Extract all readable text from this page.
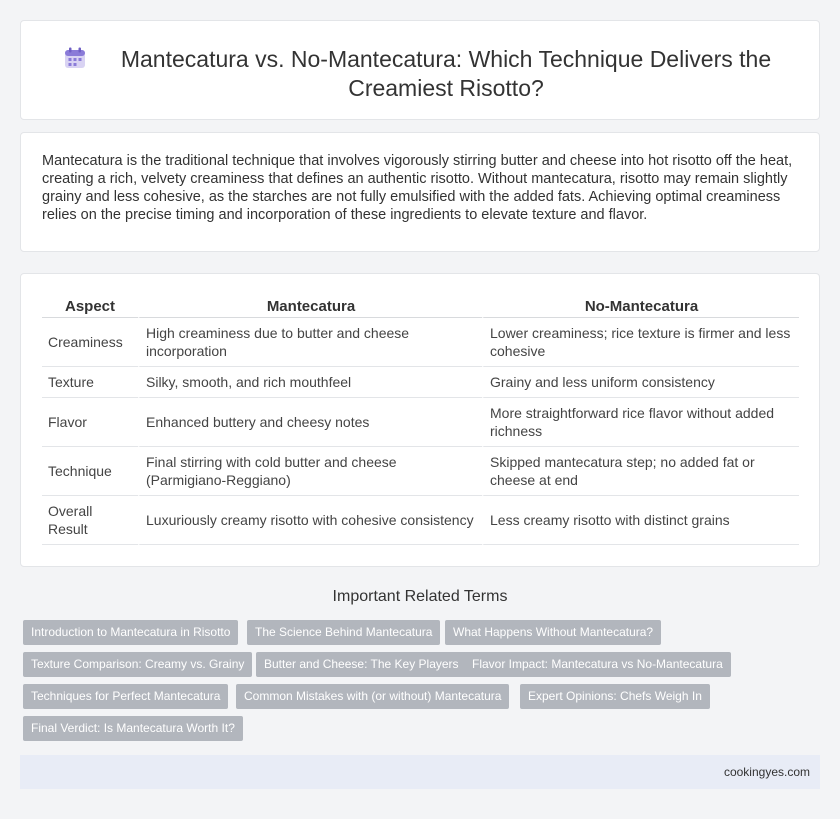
Mantecatura vs. No-Mantecatura: Which Technique Delivers the Creamiest Risotto?

Mantecatura is the traditional technique that involves vigorously stirring butter and cheese into hot risotto off the heat, creating a rich, velvety creaminess that defines an authentic risotto. Without mantecatura, risotto may remain slightly grainy and less cohesive, as the starches are not fully emulsified with the added fats. Achieving optimal creaminess relies on the precise timing and incorporation of these ingredients to elevate texture and flavor.

Aspect	Mantecatura	No-Mantecatura
Creaminess	High creaminess due to butter and cheese incorporation	Lower creaminess; rice texture is firmer and less cohesive
Texture	Silky, smooth, and rich mouthfeel	Grainy and less uniform consistency
Flavor	Enhanced buttery and cheesy notes	More straightforward rice flavor without added richness
Technique	Final stirring with cold butter and cheese (Parmigiano-Reggiano)	Skipped mantecatura step; no added fat or cheese at end
Overall Result	Luxuriously creamy risotto with cohesive consistency	Less creamy risotto with distinct grains
Important Related Terms
Introduction to Mantecatura in Risotto	The Science Behind Mantecatura	What Happens Without Mantecatura?
Texture Comparison: Creamy vs. Grainy	Butter and Cheese: The Key Players	Flavor Impact: Mantecatura vs No-Mantecatura
Techniques for Perfect Mantecatura	Common Mistakes with (or without) Mantecatura	Expert Opinions: Chefs Weigh In
Final Verdict: Is Mantecatura Worth It?
cookingyes.com
